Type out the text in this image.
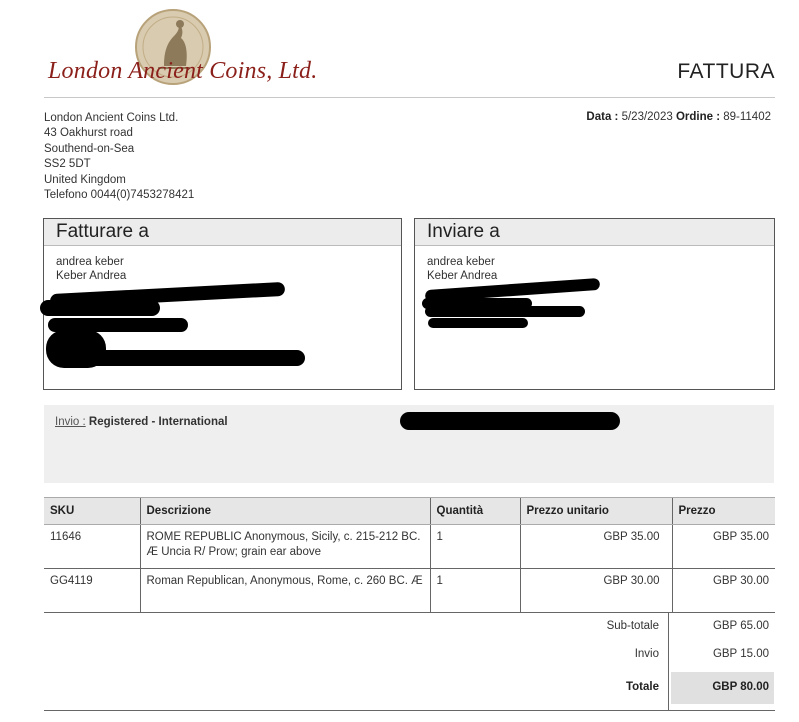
London Ancient Coins, Ltd.	FATTURA
London Ancient Coins Ltd.
43 Oakhurst road
Southend-on-Sea
SS2 5DT
United Kingdom
Telefono 0044(0)7453278421
Data : 5/23/2023 Ordine : 89-11402
Fatturare a
andrea keber
Keber Andrea
Inviare a
andrea keber
Keber Andrea
Invio : Registered - International
SKU	Descrizione	Quantità	Prezzo unitario	Prezzo
11646	ROME REPUBLIC Anonymous, Sicily, c. 215-212 BC. Æ Uncia R/ Prow; grain ear above	1	GBP 35.00	GBP 35.00
GG4119	Roman Republican, Anonymous, Rome, c. 260 BC. Æ	1	GBP 30.00	GBP 30.00
Sub-totale	GBP 65.00
Invio	GBP 15.00
Totale	GBP 80.00
